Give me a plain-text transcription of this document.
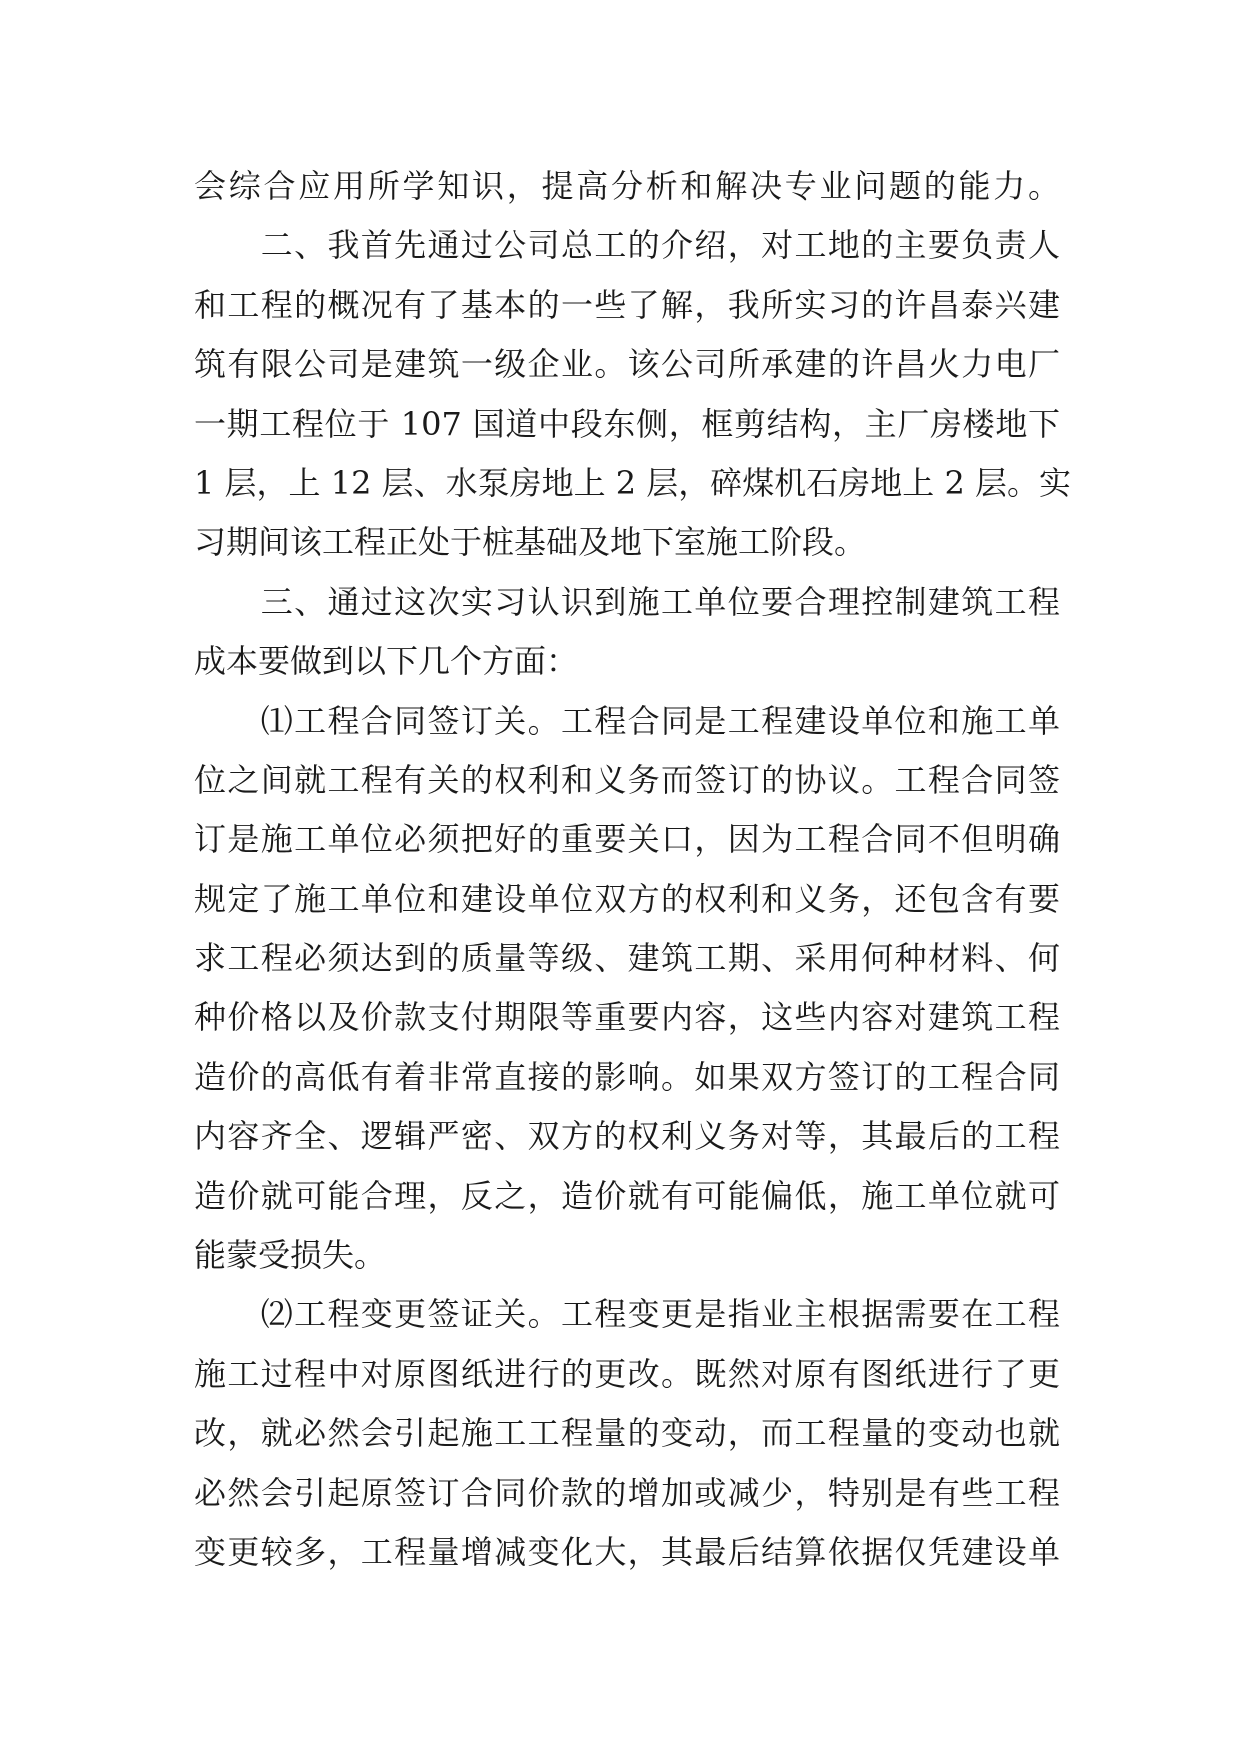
会综合应用所学知识，提高分析和解决专业问题的能力。
　　二、我首先通过公司总工的介绍，对工地的主要负责人
和工程的概况有了基本的一些了解，我所实习的许昌泰兴建
筑有限公司是建筑一级企业。该公司所承建的许昌火力电厂
一期工程位于 107 国道中段东侧，框剪结构，主厂房楼地下
1 层，上 12 层、水泵房地上 2 层，碎煤机石房地上 2 层。实
习期间该工程正处于桩基础及地下室施工阶段。
　　三、通过这次实习认识到施工单位要合理控制建筑工程
成本要做到以下几个方面：
　　⑴工程合同签订关。工程合同是工程建设单位和施工单
位之间就工程有关的权利和义务而签订的协议。工程合同签
订是施工单位必须把好的重要关口，因为工程合同不但明确
规定了施工单位和建设单位双方的权利和义务，还包含有要
求工程必须达到的质量等级、建筑工期、采用何种材料、何
种价格以及价款支付期限等重要内容，这些内容对建筑工程
造价的高低有着非常直接的影响。如果双方签订的工程合同
内容齐全、逻辑严密、双方的权利义务对等，其最后的工程
造价就可能合理，反之，造价就有可能偏低，施工单位就可
能蒙受损失。
　　⑵工程变更签证关。工程变更是指业主根据需要在工程
施工过程中对原图纸进行的更改。既然对原有图纸进行了更
改，就必然会引起施工工程量的变动，而工程量的变动也就
必然会引起原签订合同价款的增加或减少，特别是有些工程
变更较多，工程量增减变化大，其最后结算依据仅凭建设单
